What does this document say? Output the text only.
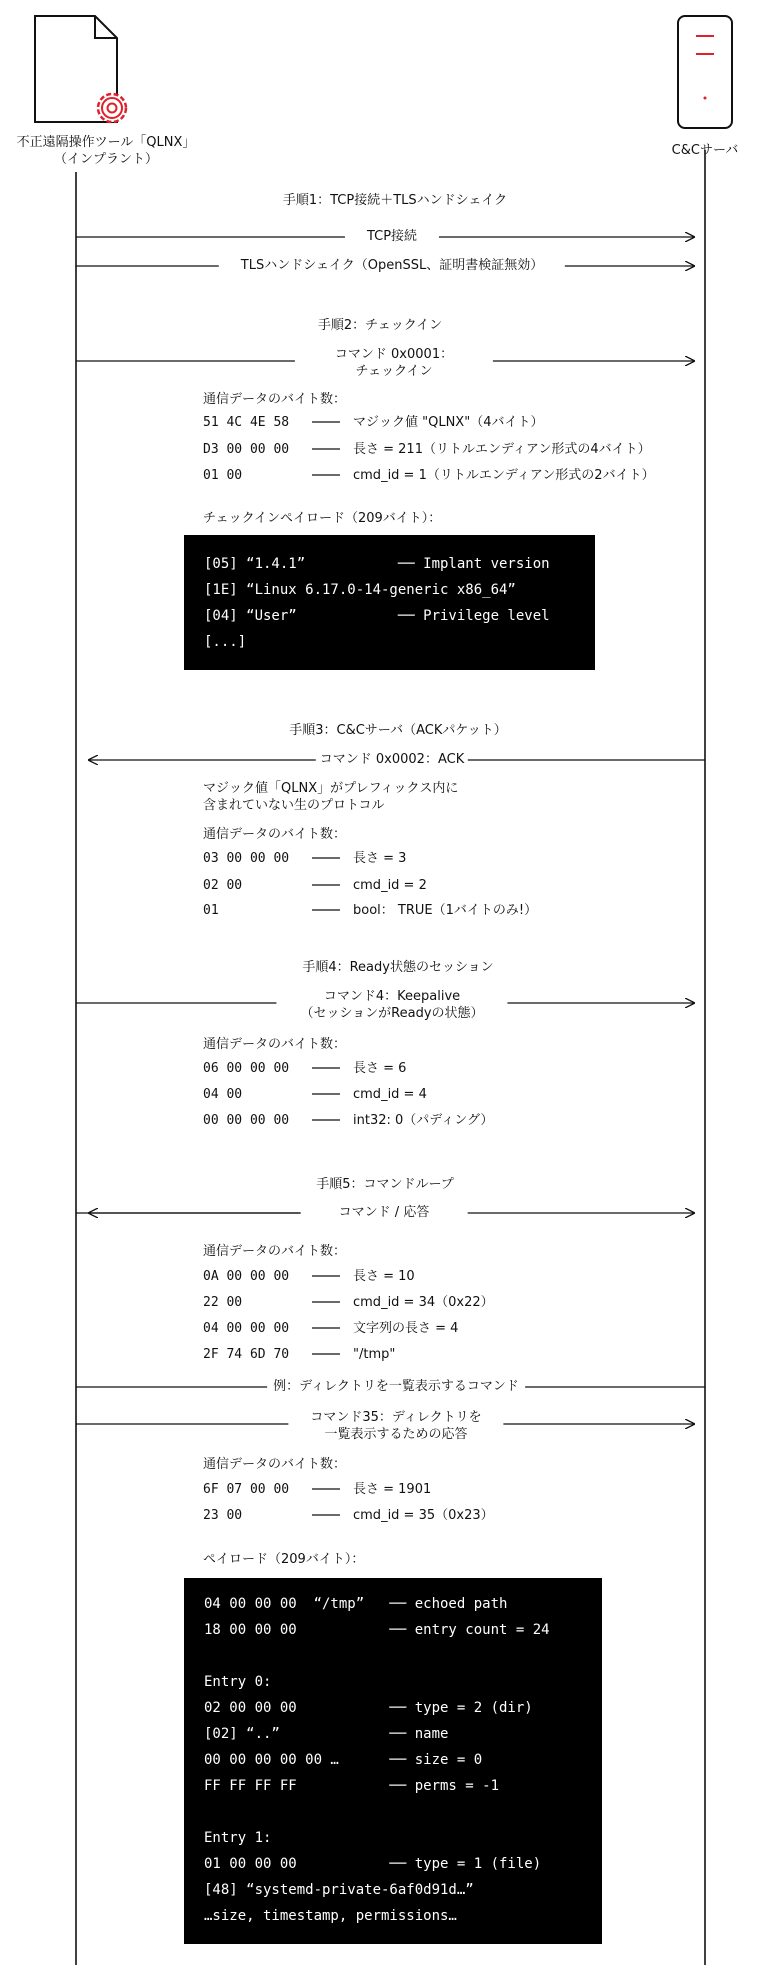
不正遠隔操作ツール「QLNX」
（インプラント）
C&Cサーバ
手順1：TCP接続＋TLSハンドシェイク
TCP接続
TLSハンドシェイク（OpenSSL、証明書検証無効）
手順2：チェックイン
コマンド 0x0001：
チェックイン
通信データのバイト数：
51 4C 4E 58	マジック値 "QLNX"（4バイト）
D3 00 00 00	長さ = 211（リトルエンディアン形式の4バイト）
01 00	cmd_id = 1（リトルエンディアン形式の2バイト）
チェックインペイロード（209バイト）：
[05] “1.4.1”           ── Implant version
[1E] “Linux 6.17.0-14-generic x86_64”
[04] “User”            ── Privilege level
[...]
手順3：C&Cサーバ（ACKパケット）
コマンド 0x0002：ACK
マジック値「QLNX」がプレフィックス内に
含まれていない生のプロトコル
通信データのバイト数：
03 00 00 00	長さ = 3
02 00	cmd_id = 2
01	bool： TRUE（1バイトのみ!）
手順4：Ready状態のセッション
コマンド4：Keepalive
（セッションがReadyの状態）
通信データのバイト数：
06 00 00 00	長さ = 6
04 00	cmd_id = 4
00 00 00 00	int32: 0（パディング）
手順5：コマンドループ
コマンド / 応答
通信データのバイト数：
0A 00 00 00	長さ = 10
22 00	cmd_id = 34（0x22）
04 00 00 00	文字列の長さ = 4
2F 74 6D 70	"/tmp"
例：ディレクトリを一覧表示するコマンド
コマンド35：ディレクトリを
一覧表示するための応答
通信データのバイト数：
6F 07 00 00	長さ = 1901
23 00	cmd_id = 35（0x23）
ペイロード（209バイト）：
04 00 00 00  “/tmp”   ── echoed path
18 00 00 00           ── entry count = 24
Entry 0:
02 00 00 00           ── type = 2 (dir)
[02] “..”             ── name
00 00 00 00 00 …      ── size = 0
FF FF FF FF           ── perms = -1
Entry 1:
01 00 00 00           ── type = 1 (file)
[48] “systemd-private-6af0d91d…”
…size, timestamp, permissions…
